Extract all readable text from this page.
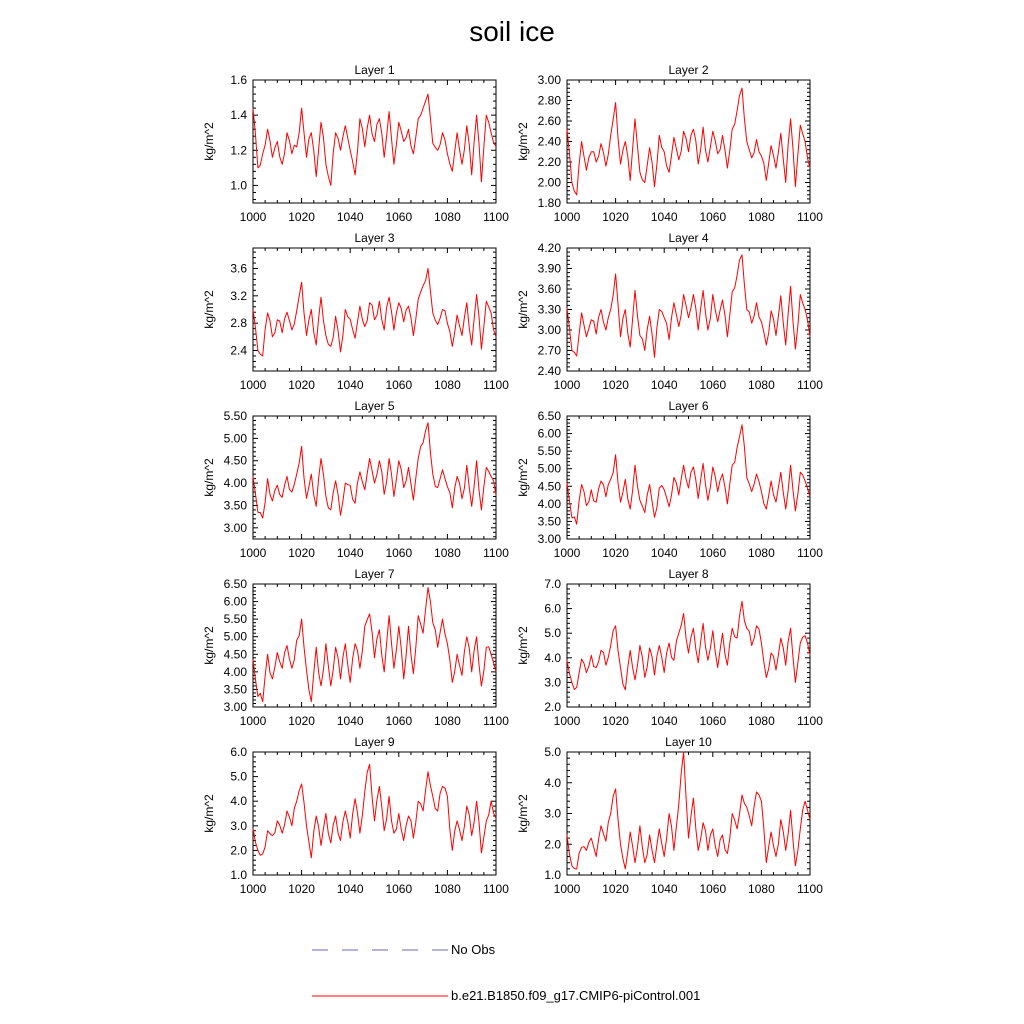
soil ice
Layer 1
1000 1020 1040 1060 1080 1100
1.0
1.2
1.4
1.6
kg/m^2
Layer 2
1000 1020 1040 1060 1080 1100
1.80
2.00
2.20
2.40
2.60
2.80
3.00
kg/m^2
Layer 3
1000 1020 1040 1060 1080 1100
2.4
2.8
3.2
3.6
kg/m^2
Layer 4
1000 1020 1040 1060 1080 1100
2.40
2.70
3.00
3.30
3.60
3.90
4.20
kg/m^2
Layer 5
1000 1020 1040 1060 1080 1100
3.00
3.50
4.00
4.50
5.00
5.50
kg/m^2
Layer 6
1000 1020 1040 1060 1080 1100
3.00
3.50
4.00
4.50
5.00
5.50
6.00
6.50
kg/m^2
Layer 7
1000 1020 1040 1060 1080 1100
3.00
3.50
4.00
4.50
5.00
5.50
6.00
6.50
kg/m^2
Layer 8
1000 1020 1040 1060 1080 1100
2.0
3.0
4.0
5.0
6.0
7.0
kg/m^2
Layer 9
1000 1020 1040 1060 1080 1100
1.0
2.0
3.0
4.0
5.0
6.0
kg/m^2
Layer 10
1000 1020 1040 1060 1080 1100
1.0
2.0
3.0
4.0
5.0
kg/m^2
No Obs
b.e21.B1850.f09_g17.CMIP6-piControl.001
